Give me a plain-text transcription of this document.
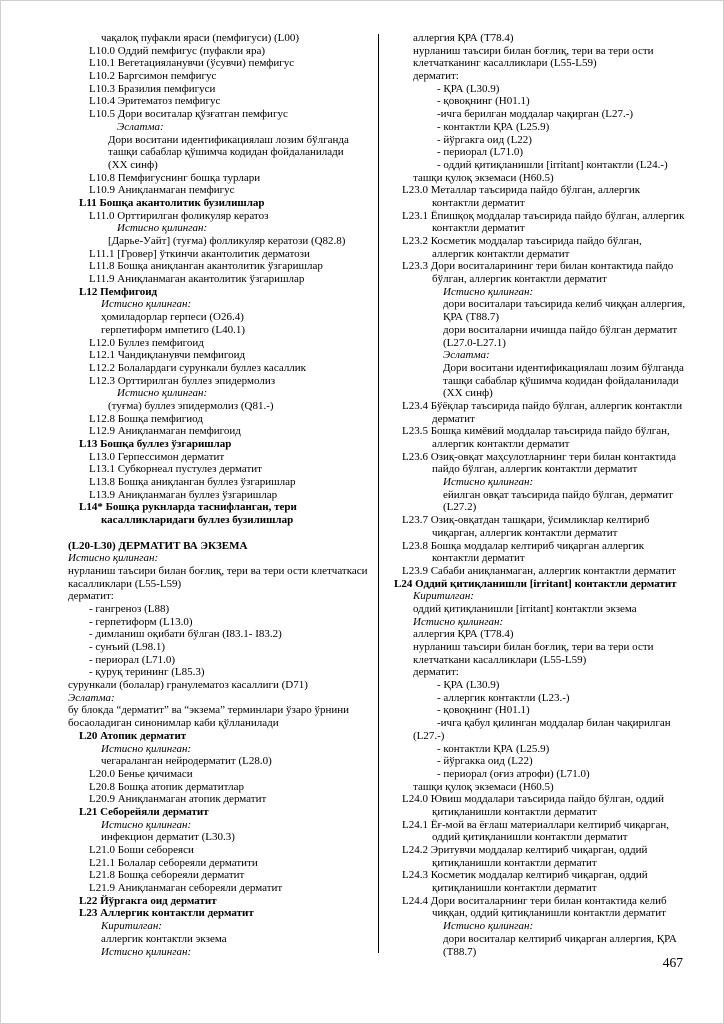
чақалоқ пуфакли яраси (пемфигуси) (L00)
L10.0 Оддий пемфигус (пуфакли яра)
L10.1 Вегетацияланувчи (ўсувчи) пемфигус
L10.2 Баргсимон пемфигус
L10.3 Бразилия пемфигуси
L10.4 Эритематоз пемфигус
L10.5 Дори воситалар қўзғатган пемфигус
Эслатма:
Дори воситани идентификациялаш лозим бўлганда
ташқи сабаблар қўшимча кодидан фойдаланилади
(ХХ синф)
L10.8 Пемфигуснинг бошқа турлари
L10.9 Аниқланмаган пемфигус
L11 Бошқа акантолитик бузилишлар
L11.0 Орттирилган фоликуляр кератоз
Истисно қилинган:
[Дарье-Уайт] (туғма) фолликуляр кератози (Q82.8)
L11.1 [Гровер] ўткинчи акантолитик дерматози
L11.8 Бошқа аниқланган акантолитик ўзгаришлар
L11.9 Аниқланмаган акантолитик ўзгаришлар
L12 Пемфигоид
Истисно қилинган:
ҳомиладорлар герпеси (О26.4)
герпетиформ импетиго (L40.1)
L12.0 Буллез пемфигоид
L12.1 Чандиқланувчи пемфигоид
L12.2 Болалардаги сурункали буллез касаллик
L12.3 Орттирилган буллез эпидермолиз
Истисно қилинган:
(туғма) буллез эпидермолиз (Q81.-)
L12.8 Бошқа пемфигиод
L12.9 Аниқланмаган пемфигоид
L13 Бошқа буллез ўзгаришлар
L13.0 Герпессимон дерматит
L13.1 Субкорнеал пустулез дерматит
L13.8 Бошқа аниқланган буллез ўзгаришлар
L13.9 Аниқланмаган буллез ўзгаришлар
L14* Бошқа рукнларда таснифланган, тери
касалликларидаги буллез бузилишлар
(L20-L30) ДЕРМАТИТ ВА ЭКЗЕМА
Истисно қилинган:
нурланиш таъсири билан боғлиқ, тери ва тери ости клетчаткаси
касалликлари (L55-L59)
дерматит:
- гангреноз (L88)
- герпетиформ (L13.0)
- димланиш оқибати бўлган (I83.1- I83.2)
- сунъий (L98.1)
- периорал (L71.0)
- қуруқ терининг (L85.3)
сурункали (болалар) гранулематоз касаллиги (D71)
Эслатма:
бу блокда “дерматит” ва “экзема” терминлари ўзаро ўрнини
босаоладиган синонимлар каби қўлланилади
L20 Атопик дерматит
Истисно қилинган:
чегараланган нейродерматит (L28.0)
L20.0 Бенье қичимаси
L20.8 Бошқа атопик дерматитлар
L20.9 Аниқланмаган атопик дерматит
L21 Себорейяли дерматит
Истисно қилинган:
инфекцион дерматит (L30.3)
L21.0 Боши себореяси
L21.1 Болалар себореяли дерматити
L21.8 Бошқа себореяли дерматит
L21.9 Аниқланмаган себореяли дерматит
L22 Йўргакга оид дерматит
L23 Аллергик контактли дерматит
Киритилган:
аллергик контактли экзема
Истисно қилинган:
аллергия ҚРА (Т78.4)
нурланиш таъсири билан боғлиқ, тери ва тери ости
клетчатканинг касалликлари (L55-L59)
дерматит:
- ҚРА (L30.9)
- қовоқнинг (Н01.1)
-ичга берилган моддалар чақирган (L27.-)
- контактли ҚРА (L25.9)
- йўргакга оид (L22)
- периорал (L71.0)
- оддий қитиқланишли [irritant] контактли (L24.-)
ташқи қулоқ экземаси (Н60.5)
L23.0 Металлар таъсирида пайдо бўлган, аллергик
контактли дерматит
L23.1 Ёпишқоқ моддалар таъсирида пайдо бўлган, аллергик
контактли дерматит
L23.2 Косметик моддалар таъсирида пайдо бўлган,
аллергик контактли дерматит
L23.3 Дори воситаларининг тери билан контактида пайдо
бўлган, аллергик контактли дерматит
Истисно қилинган:
дори воситалари таъсирида келиб чиққан аллергия,
ҚРА (Т88.7)
дори воситаларни ичишда пайдо бўлган дерматит
(L27.0-L27.1)
Эслатма:
Дори воситани идентификациялаш лозим бўлганда
ташқи сабаблар қўшимча кодидан фойдаланилади
(ХХ синф)
L23.4 Бўёқлар таъсирида пайдо бўлган, аллергик контактли
дерматит
L23.5 Бошқа кимёвий моддалар таъсирида пайдо бўлган,
аллергик контактли дерматит
L23.6 Озиқ-овқат маҳсулотларнинг тери билан контактида
пайдо бўлган, аллергик контактли дерматит
Истисно қилинган:
ейилган овқат таъсирида пайдо бўлган, дерматит
(L27.2)
L23.7 Озиқ-овқатдан ташқари, ўсимликлар келтириб
чиқарган, аллергик контактли дерматит
L23.8 Бошқа моддалар келтириб чиқарган аллергик
контактли дерматит
L23.9 Сабаби аниқланмаган, аллергик контактли дерматит
L24 Оддий қитиқланишли [irritant] контактли дерматит
Киритилган:
оддий қитиқланишли [irritant] контактли экзема
Истисно қилинган:
аллергия ҚРА (Т78.4)
нурланиш таъсири билан боғлиқ, тери ва тери ости
клетчаткани касалликлари (L55-L59)
дерматит:
- ҚРА (L30.9)
- аллергик контактли (L23.-)
- қовоқнинг (Н01.1)
-ичга қабул қилинган моддалар билан чақирилган
(L27.-)
- контактли ҚРА (L25.9)
- йўргакка оид (L22)
- периорал (оғиз атрофи) (L71.0)
ташқи қулоқ экземаси (Н60.5)
L24.0 Ювиш моддалари таъсирида пайдо бўлган, оддий
қитиқланишли контактли дерматит
L24.1 Ёғ-мой ва ёғлаш материаллари келтириб чиқарган,
оддий қитиқланишли контактли дерматит
L24.2 Эритувчи моддалар келтириб чиқарган, оддий
қитиқланишли контактли дерматит
L24.3 Косметик моддалар келтириб чиқарган, оддий
қитиқланишли контактли дерматит
L24.4 Дори воситаларнинг тери билан контактида келиб
чиққан, оддий қитиқланишли контактли дерматит
Истисно қилинган:
дори воситалар келтириб чиқарган аллергия, ҚРА
(Т88.7)
467
